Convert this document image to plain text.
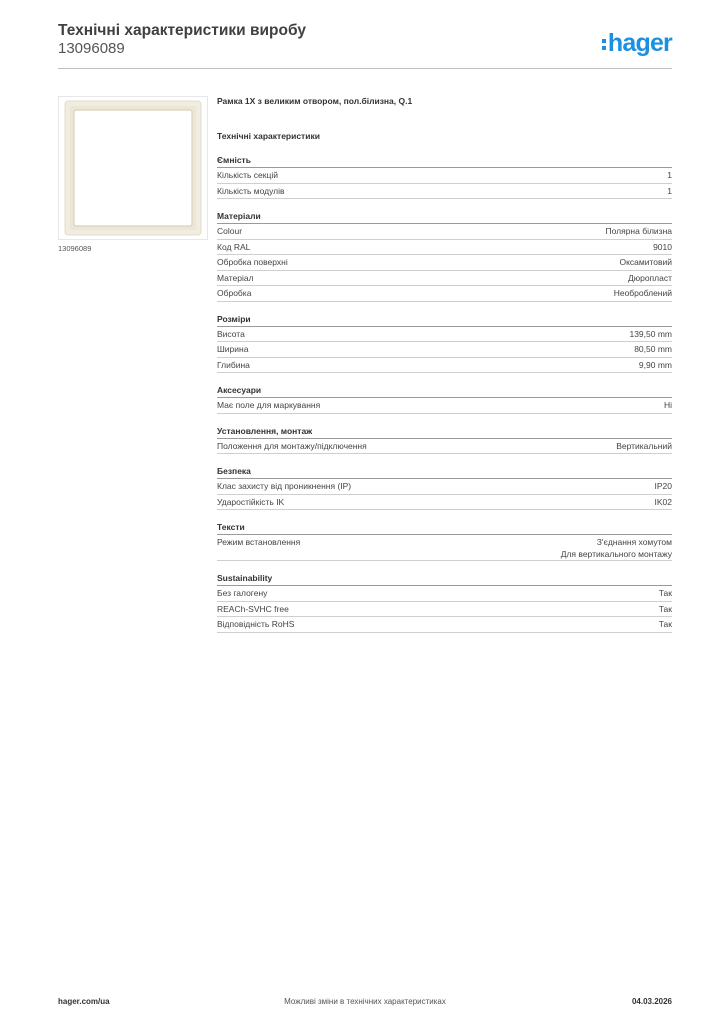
Технічні характеристики виробу
13096089	hager
13096089
Рамка 1X з великим отвором, пол.білизна, Q.1
Технічні характеристики
Ємність
Кількість секцій	1
Кількість модулів	1
Матеріали
Colour	Полярна білизна
Код RAL	9010
Обробка поверхні	Оксамитовий
Матеріал	Дюропласт
Обробка	Необроблений
Розміри
Висота	139,50 mm
Ширина	80,50 mm
Глибина	9,90 mm
Аксесуари
Має поле для маркування	Ні
Установлення, монтаж
Положення для монтажу/підключення	Вертикальний
Безпека
Клас захисту від проникнення (IP)	IP20
Ударостійкість IK	IK02
Тексти
Режим встановлення	З'єднання хомутом
Для вертикального монтажу
Sustainability
Без галогену	Так
REACh-SVHC free	Так
Відповідність RoHS	Так
hager.com/ua	Можливі зміни в технічних характеристиках	04.03.2026
